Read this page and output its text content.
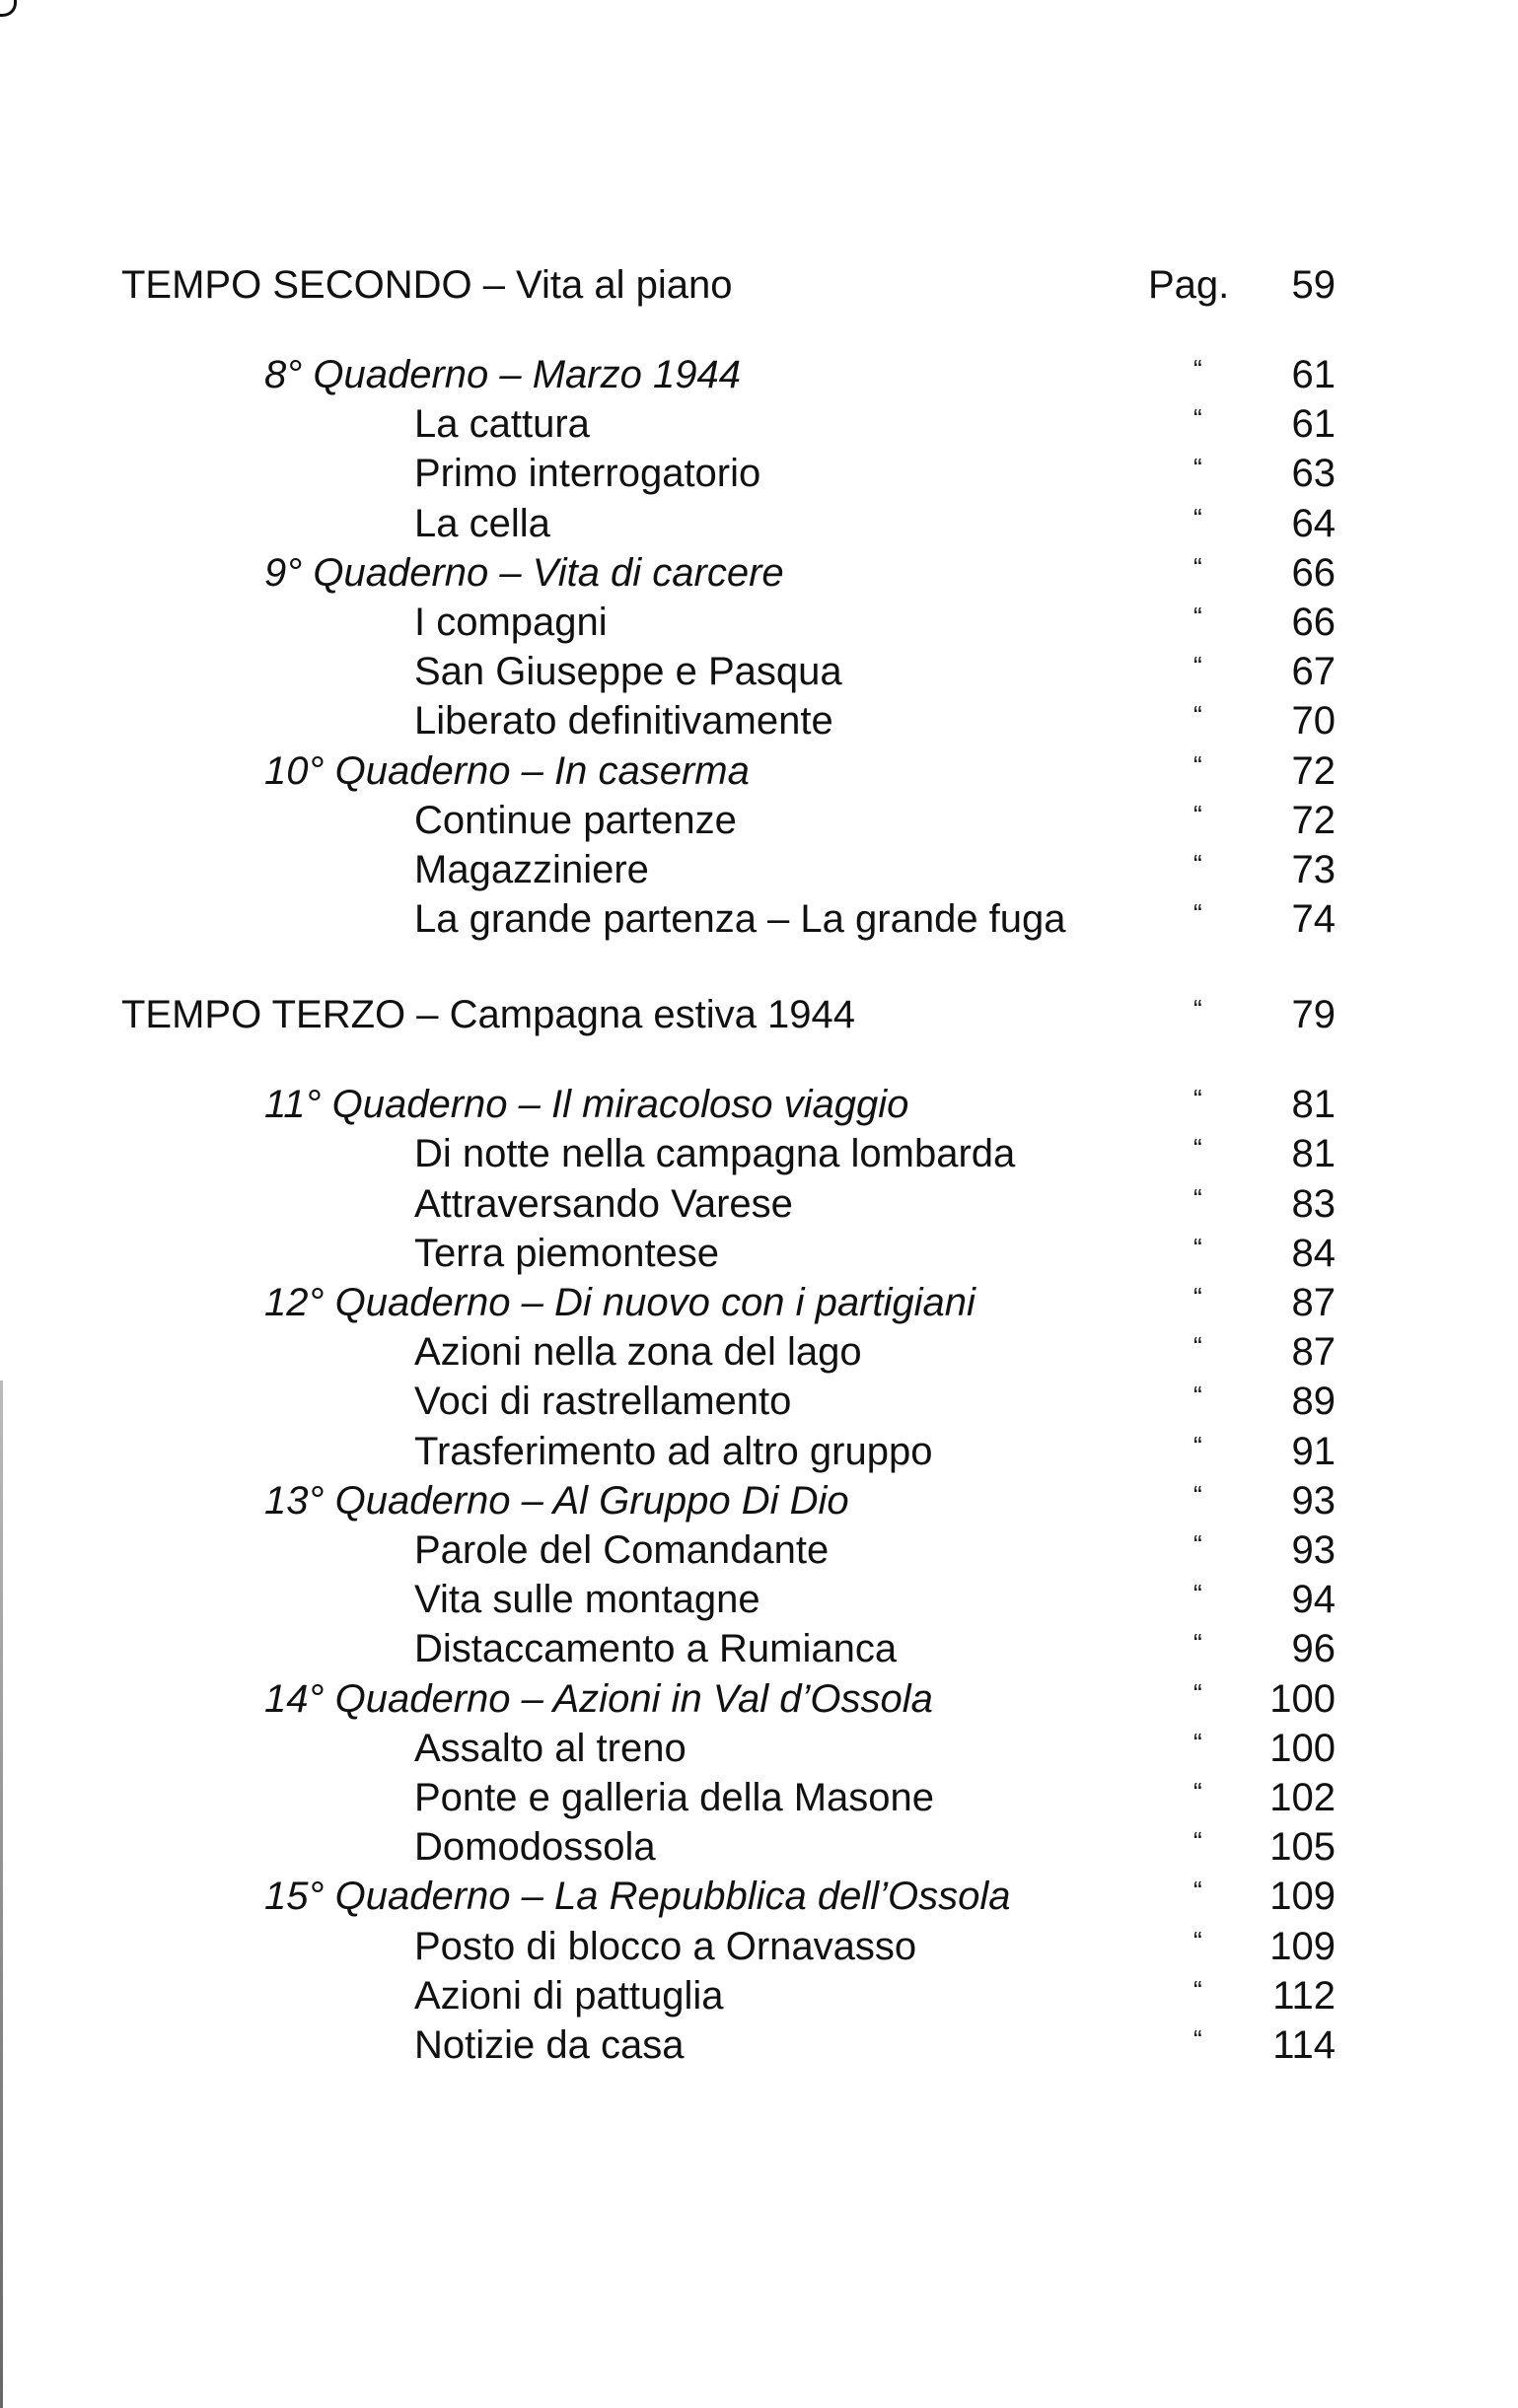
TEMPO SECONDO – Vita al piano	Pag. 59
8° Quaderno – Marzo 1944	“ 61
La cattura	“ 61
Primo interrogatorio	“ 63
La cella	“ 64
9° Quaderno – Vita di carcere	“ 66
I compagni	“ 66
San Giuseppe e Pasqua	“ 67
Liberato definitivamente	“ 70
10° Quaderno – In caserma	“ 72
Continue partenze	“ 72
Magazziniere	“ 73
La grande partenza – La grande fuga	“ 74
TEMPO TERZO – Campagna estiva 1944	“ 79
11° Quaderno – Il miracoloso viaggio	“ 81
Di notte nella campagna lombarda	“ 81
Attraversando Varese	“ 83
Terra piemontese	“ 84
12° Quaderno – Di nuovo con i partigiani	“ 87
Azioni nella zona del lago	“ 87
Voci di rastrellamento	“ 89
Trasferimento ad altro gruppo	“ 91
13° Quaderno – Al Gruppo Di Dio	“ 93
Parole del Comandante	“ 93
Vita sulle montagne	“ 94
Distaccamento a Rumianca	“ 96
14° Quaderno – Azioni in Val d’Ossola	“ 100
Assalto al treno	“ 100
Ponte e galleria della Masone	“ 102
Domodossola	“ 105
15° Quaderno – La Repubblica dell’Ossola	“ 109
Posto di blocco a Ornavasso	“ 109
Azioni di pattuglia	“ 112
Notizie da casa	“ 114
